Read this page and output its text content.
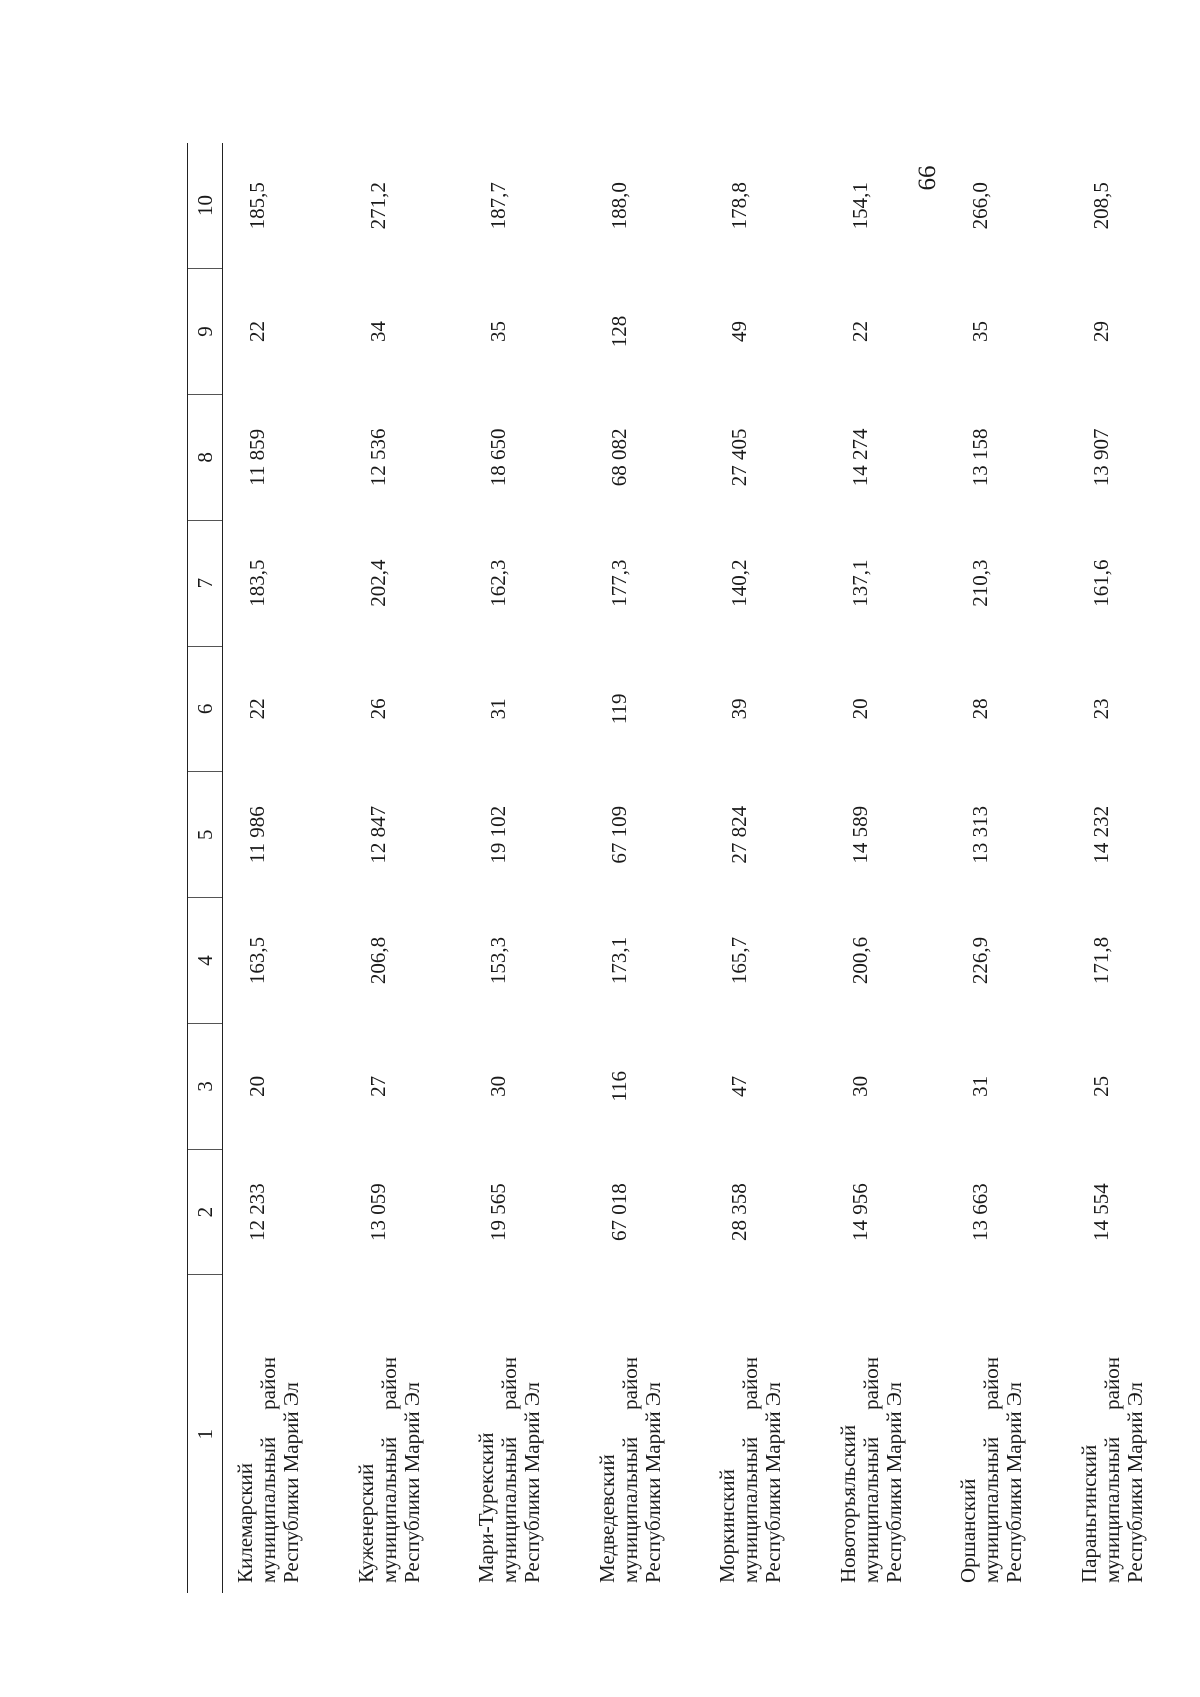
66
1	2	3	4	5	6	7	8	9	10

Килемарский муниципальный
район Республики Марий Эл	12 233	20	163,5	11 986	22	183,5	11 859	22	185,5

Куженерский муниципальный
район Республики Марий Эл	13 059	27	206,8	12 847	26	202,4	12 536	34	271,2

Мари-Турекский муниципальный
район Республики Марий Эл	19 565	30	153,3	19 102	31	162,3	18 650	35	187,7

Медведевский муниципальный
район Республики Марий Эл	67 018	116	173,1	67 109	119	177,3	68 082	128	188,0

Моркинский муниципальный
район Республики Марий Эл	28 358	47	165,7	27 824	39	140,2	27 405	49	178,8

Новоторъяльский муниципальный
район Республики Марий Эл	14 956	30	200,6	14 589	20	137,1	14 274	22	154,1

Оршанский муниципальный
район Республики Марий Эл	13 663	31	226,9	13 313	28	210,3	13 158	35	266,0

Параньгинский муниципальный
район Республики Марий Эл	14 554	25	171,8	14 232	23	161,6	13 907	29	208,5
